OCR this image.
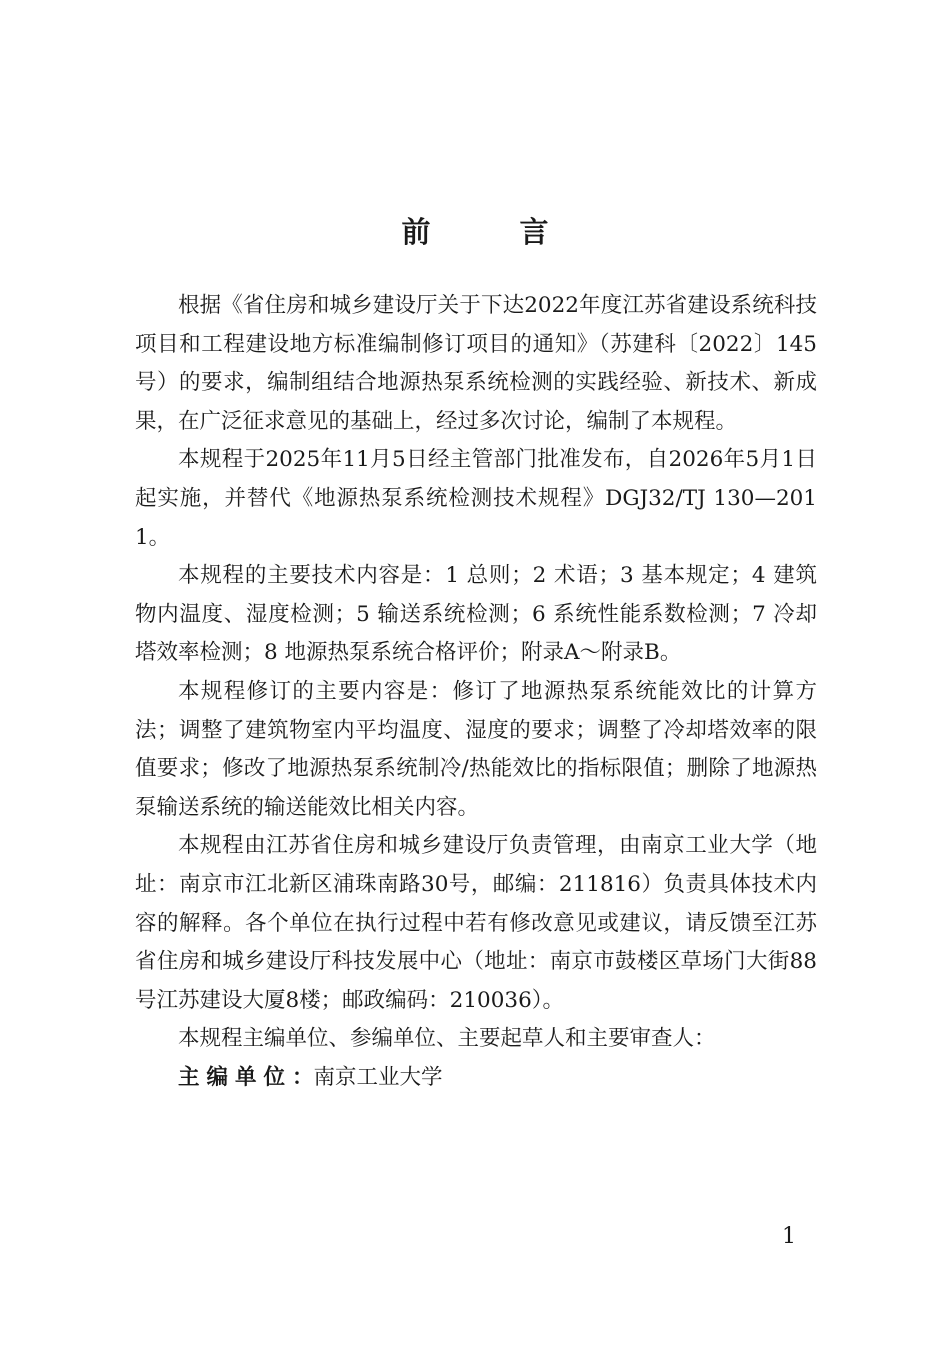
前　言

根据《省住房和城乡建设厅关于下达2022年度江苏省建设系统科技项目和工程建设地方标准编制修订项目的通知》（苏建科〔2022〕145号）的要求，编制组结合地源热泵系统检测的实践经验、新技术、新成果，在广泛征求意见的基础上，经过多次讨论，编制了本规程。

本规程于2025年11月5日经主管部门批准发布，自2026年5月1日起实施，并替代《地源热泵系统检测技术规程》DGJ32/TJ 130—2011。

本规程的主要技术内容是：1 总则；2 术语；3 基本规定；4 建筑物内温度、湿度检测；5 输送系统检测；6 系统性能系数检测；7 冷却塔效率检测；8 地源热泵系统合格评价；附录A～附录B。

本规程修订的主要内容是：修订了地源热泵系统能效比的计算方法；调整了建筑物室内平均温度、湿度的要求；调整了冷却塔效率的限值要求；修改了地源热泵系统制冷/热能效比的指标限值；删除了地源热泵输送系统的输送能效比相关内容。

本规程由江苏省住房和城乡建设厅负责管理，由南京工业大学（地址：南京市江北新区浦珠南路30号，邮编：211816）负责具体技术内容的解释。各个单位在执行过程中若有修改意见或建议，请反馈至江苏省住房和城乡建设厅科技发展中心（地址：南京市鼓楼区草场门大街88号江苏建设大厦8楼；邮政编码：210036）。

本规程主编单位、参编单位、主要起草人和主要审查人：

主编单位：南京工业大学

1
